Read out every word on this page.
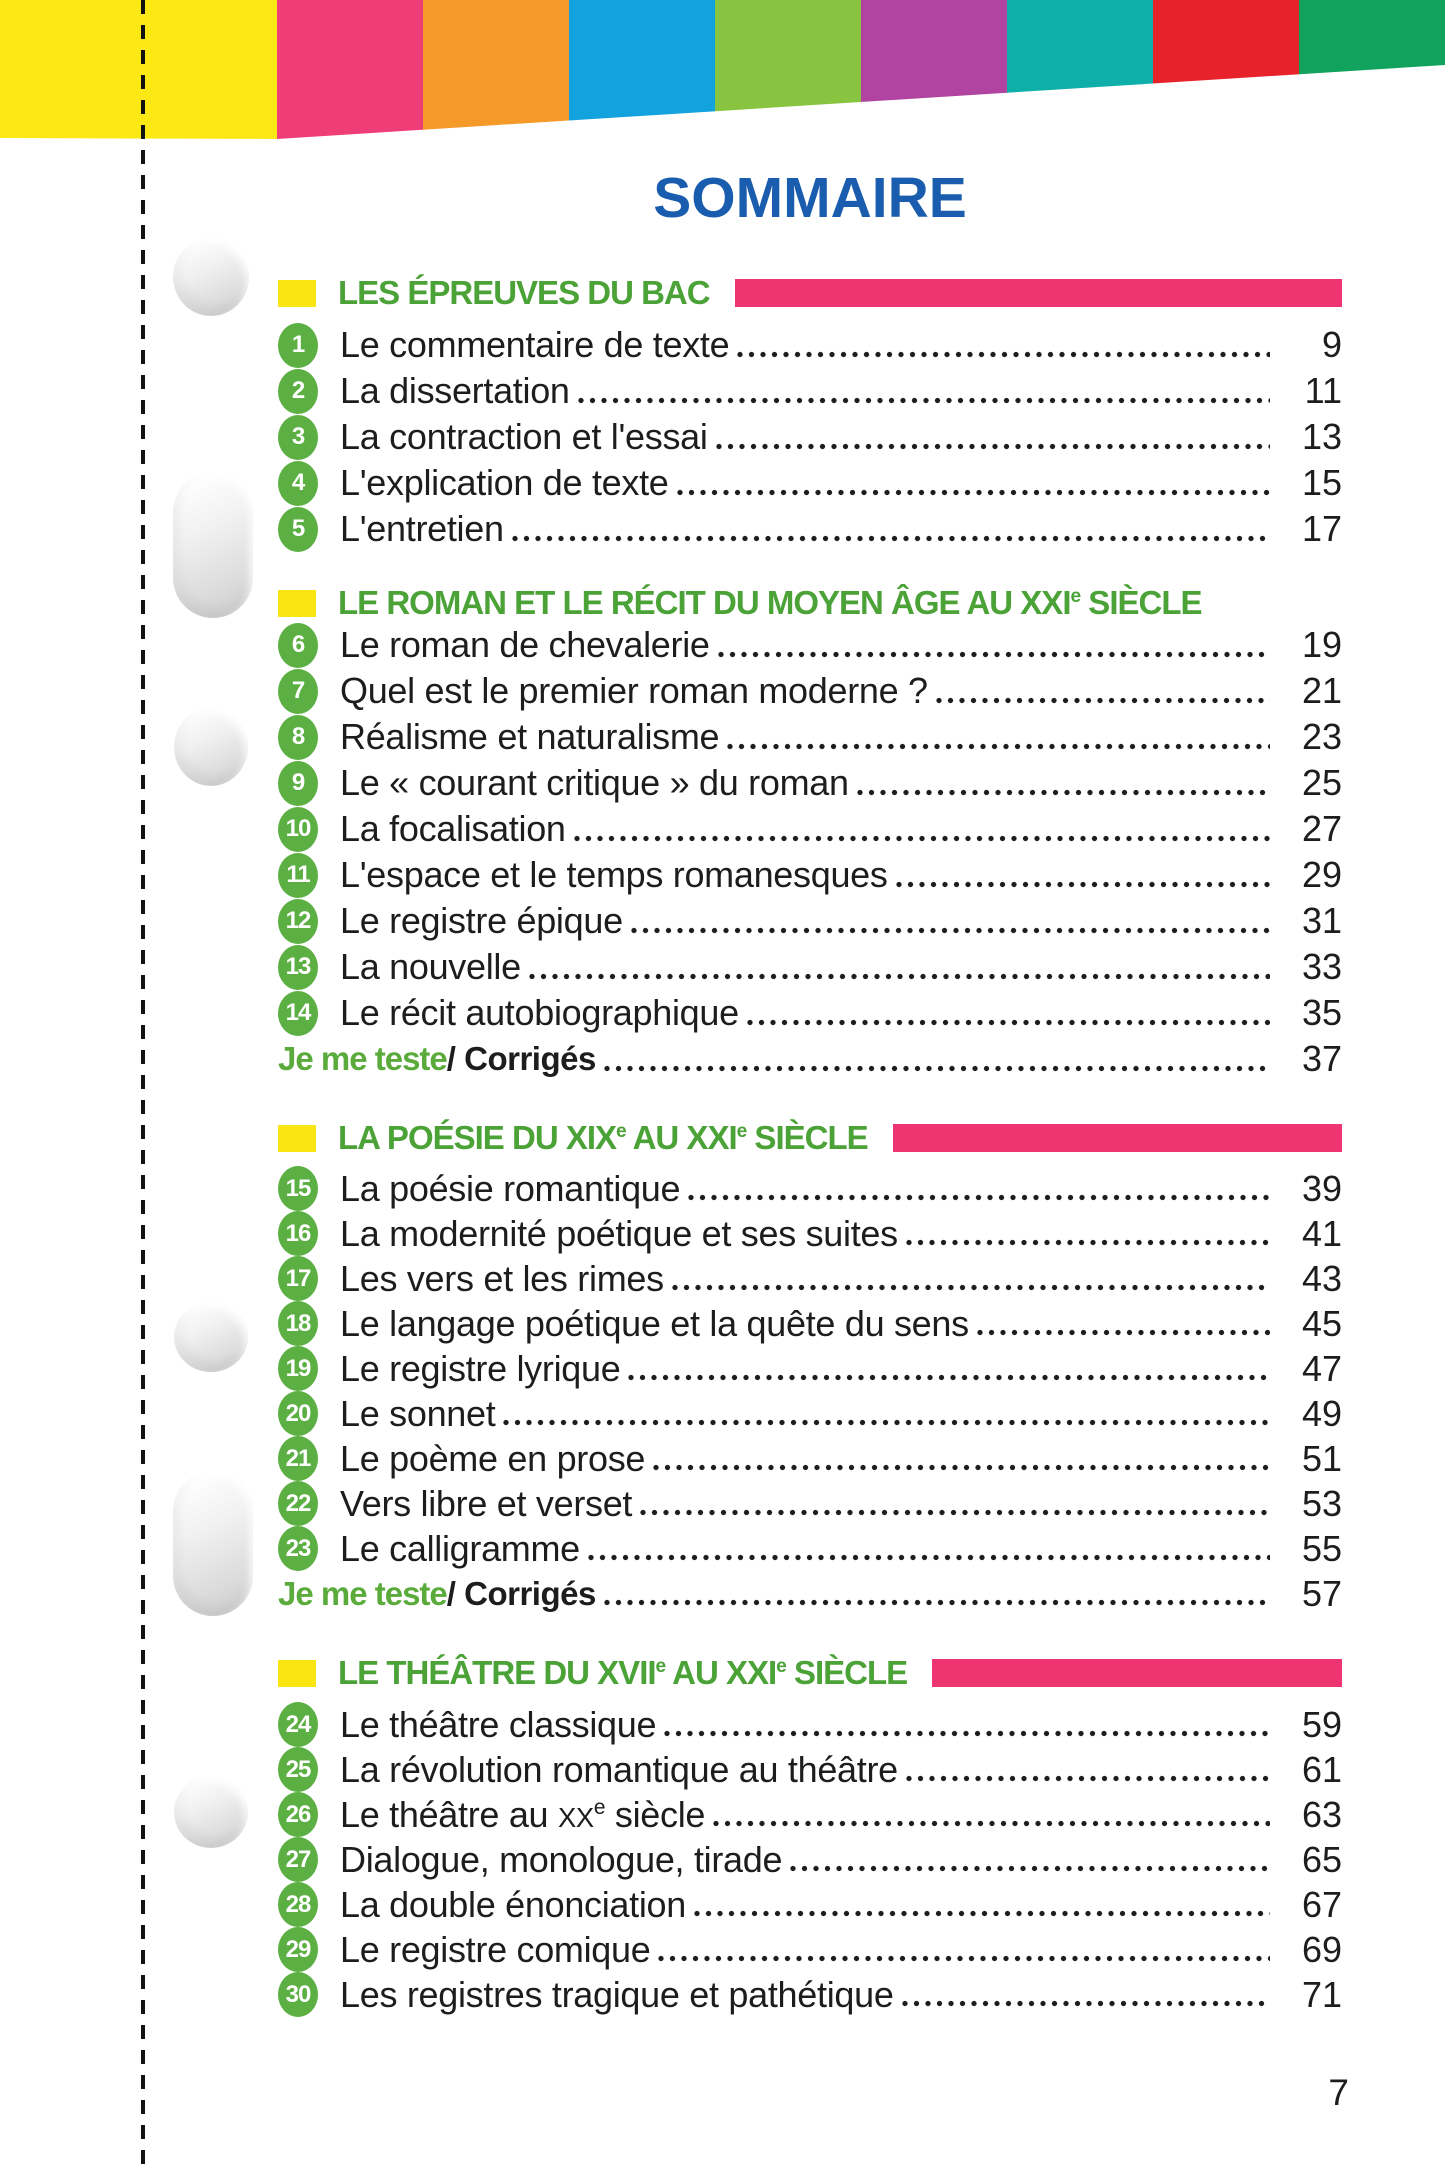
SOMMAIRE
LES ÉPREUVES DU BAC
1 Le commentaire de texte	9
2 La dissertation	11
3 La contraction et l'essai	13
4 L'explication de texte	15
5 L'entretien	17
LE ROMAN ET LE RÉCIT DU MOYEN ÂGE AU XXIe SIÈCLE
6 Le roman de chevalerie	19
7 Quel est le premier roman moderne ?	21
8 Réalisme et naturalisme	23
9 Le « courant critique » du roman	25
10 La focalisation	27
11 L'espace et le temps romanesques	29
12 Le registre épique	31
13 La nouvelle	33
14 Le récit autobiographique	35
Je me teste / Corrigés	37
LA POÉSIE DU XIXe AU XXIe SIÈCLE
15 La poésie romantique	39
16 La modernité poétique et ses suites	41
17 Les vers et les rimes	43
18 Le langage poétique et la quête du sens	45
19 Le registre lyrique	47
20 Le sonnet	49
21 Le poème en prose	51
22 Vers libre et verset	53
23 Le calligramme	55
Je me teste / Corrigés	57
LE THÉÂTRE DU XVIIe AU XXIe SIÈCLE
24 Le théâtre classique	59
25 La révolution romantique au théâtre	61
26 Le théâtre au XXe siècle	63
27 Dialogue, monologue, tirade	65
28 La double énonciation	67
29 Le registre comique	69
30 Les registres tragique et pathétique	71
7
